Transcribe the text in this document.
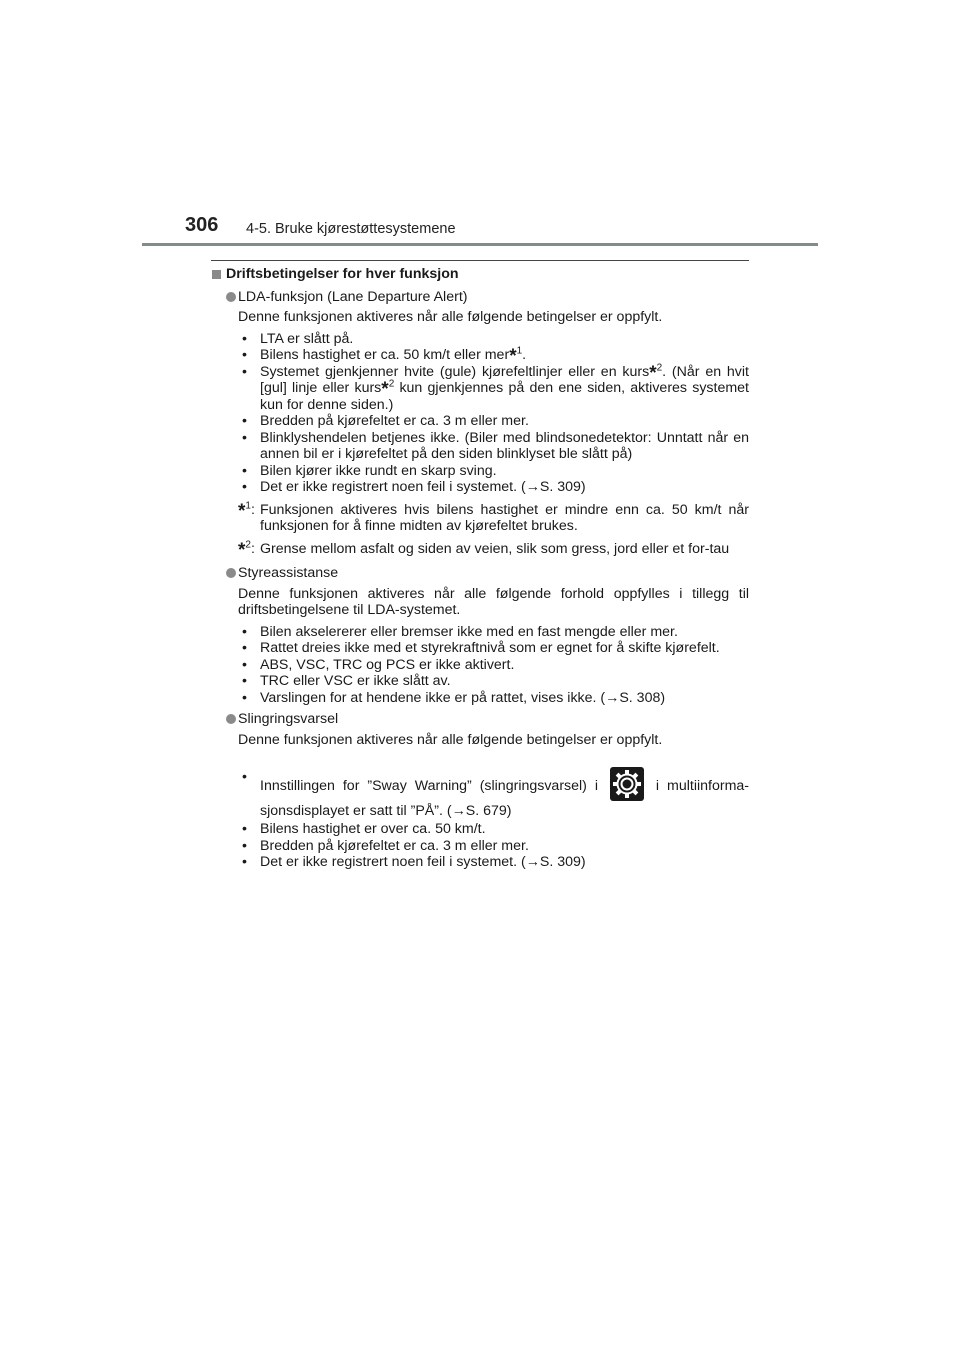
306 4-5. Bruke kjørestøttesystemene
Driftsbetingelser for hver funksjon
LDA-funksjon (Lane Departure Alert)
Denne funksjonen aktiveres når alle følgende betingelser er oppfylt.
• LTA er slått på.
• Bilens hastighet er ca. 50 km/t eller mer*$^1$.
• Systemet gjenkjenner hvite (gule) kjørefeltlinjer eller en kurs*$^2$. (Når en hvit [gul] linje eller kurs*$^2$ kun gjenkjennes på den ene siden, aktiveres systemet kun for denne siden.)
• Bredden på kjørefeltet er ca. 3 m eller mer.
• Blinklyshendelen betjenes ikke. (Biler med blindsonedetektor: Unntatt når en annen bil er i kjørefeltet på den siden blinklyset ble slått på)
• Bilen kjører ikke rundt en skarp sving.
• Det er ikke registrert noen feil i systemet. (→S. 309)
*$^1$: Funksjonen aktiveres hvis bilens hastighet er mindre enn ca. 50 km/t når funksjonen for å finne midten av kjørefeltet brukes.
*$^2$: Grense mellom asfalt og siden av veien, slik som gress, jord eller et for-tau
Styreassistanse
Denne funksjonen aktiveres når alle følgende forhold oppfylles i tillegg til driftsbetingelsene til LDA-systemet.
• Bilen akselererer eller bremser ikke med en fast mengde eller mer.
• Rattet dreies ikke med et styrekraftnivå som er egnet for å skifte kjørefelt.
• ABS, VSC, TRC og PCS er ikke aktivert.
• TRC eller VSC er ikke slått av.
• Varslingen for at hendene ikke er på rattet, vises ikke. (→S. 308)
Slingringsvarsel
Denne funksjonen aktiveres når alle følgende betingelser er oppfylt.
•
Innstillingen for ”Sway Warning” (slingringsvarsel) i	i multiinforma-sjonsdisplayet er satt til ”PÅ”. (→S. 679)
• Bilens hastighet er over ca. 50 km/t.
• Bredden på kjørefeltet er ca. 3 m eller mer.
• Det er ikke registrert noen feil i systemet. (→S. 309)
